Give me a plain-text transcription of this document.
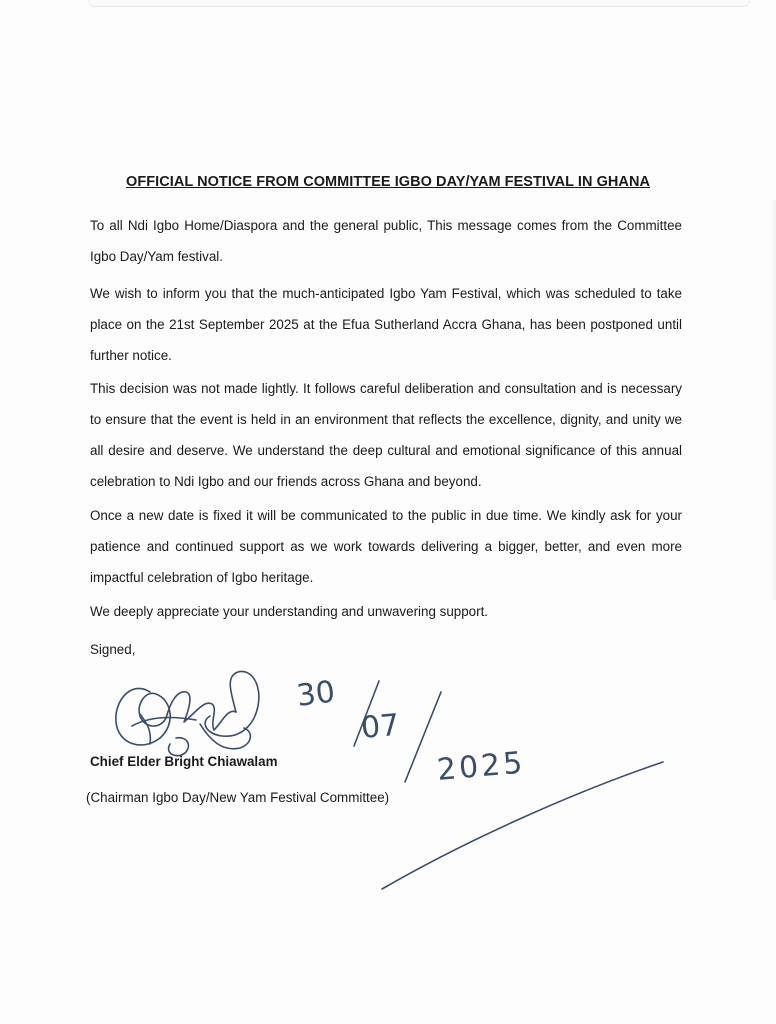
OFFICIAL NOTICE FROM COMMITTEE IGBO DAY/YAM FESTIVAL IN GHANA

To all Ndi Igbo Home/Diaspora and the general public, This message comes from the Committee Igbo Day/Yam festival.

We wish to inform you that the much-anticipated Igbo Yam Festival, which was scheduled to take place on the 21st September 2025 at the Efua Sutherland Accra Ghana, has been postponed until further notice.

This decision was not made lightly. It follows careful deliberation and consultation and is necessary to ensure that the event is held in an environment that reflects the excellence, dignity, and unity we all desire and deserve. We understand the deep cultural and emotional significance of this annual celebration to Ndi Igbo and our friends across Ghana and beyond.

Once a new date is fixed it will be communicated to the public in due time. We kindly ask for your patience and continued support as we work towards delivering a bigger, better, and even more impactful celebration of Igbo heritage.

We deeply appreciate your understanding and unwavering support.

Signed,
30
07
2025
Chief Elder Bright Chiawalam
(Chairman Igbo Day/New Yam Festival Committee)
